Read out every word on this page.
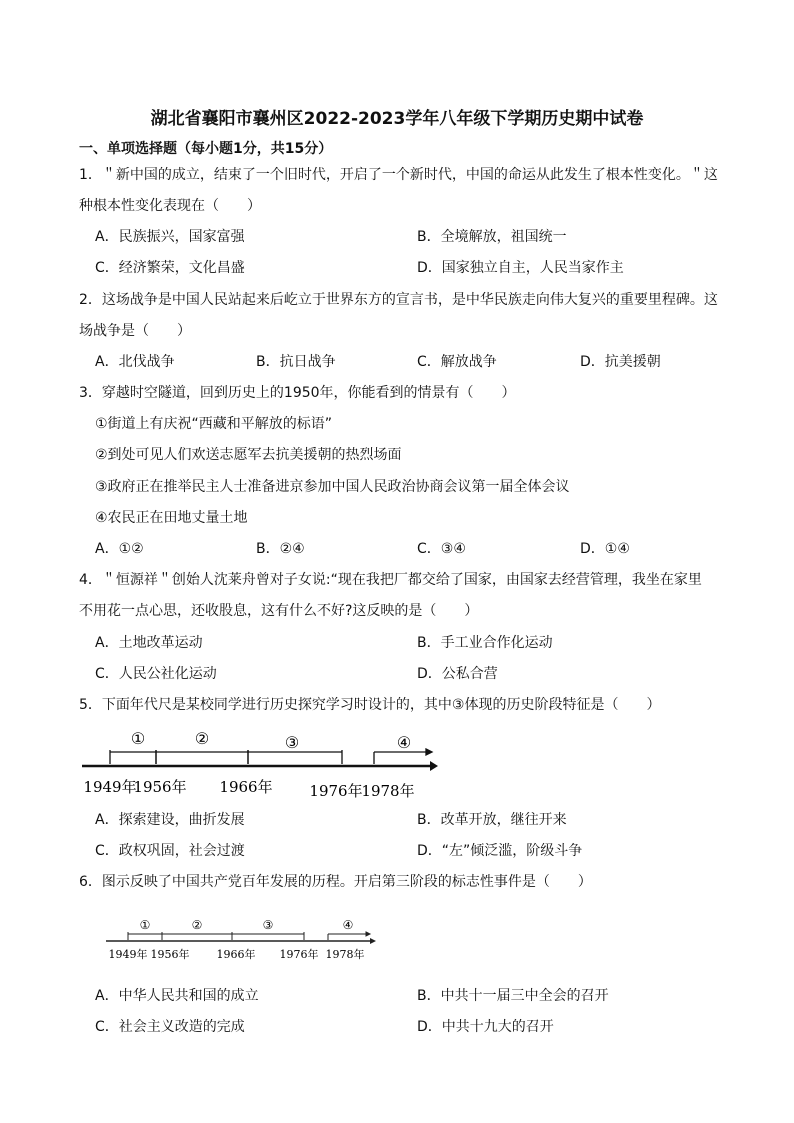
湖北省襄阳市襄州区2022-2023学年八年级下学期历史期中试卷
一、单项选择题（每小题1分，共15分）
1．＂新中国的成立，结束了一个旧时代，开启了一个新时代，中国的命运从此发生了根本性变化。＂这
种根本性变化表现在（　　）
A．民族振兴，国家富强	B．全境解放，祖国统一
C．经济繁荣，文化昌盛	D．国家独立自主，人民当家作主
2．这场战争是中国人民站起来后屹立于世界东方的宣言书，是中华民族走向伟大复兴的重要里程碑。这
场战争是（　　）
A．北伐战争	B．抗日战争	C．解放战争	D．抗美援朝
3．穿越时空隧道，回到历史上的1950年，你能看到的情景有（　　）
①街道上有庆祝“西藏和平解放的标语”
②到处可见人们欢送志愿军去抗美援朝的热烈场面
③政府正在推举民主人士准备进京参加中国人民政治协商会议第一届全体会议
④农民正在田地丈量土地
A．①②	B．②④	C．③④	D．①④
4．＂恒源祥＂创始人沈莱舟曾对子女说:“现在我把厂都交给了国家，由国家去经营管理，我坐在家里
不用花一点心思，还收股息，这有什么不好?这反映的是（　　）
A．土地改革运动	B．手工业合作化运动
C．人民公社化运动	D．公私合营
5．下面年代尺是某校同学进行历史探究学习时设计的，其中③体现的历史阶段特征是（　　）
①	②	③	④
1949年
1956年 1966年 1976年
1978年
A．探索建设，曲折发展	B．改革开放，继往开来
C．政权巩固，社会过渡	D．“左”倾泛滥，阶级斗争
6．图示反映了中国共产党百年发展的历程。开启第三阶段的标志性事件是（　　）
①	②	③	④
1949年 1956年 1966年 1976年 1978年
A．中华人民共和国的成立	B．中共十一届三中全会的召开
C．社会主义改造的完成	D．中共十九大的召开
